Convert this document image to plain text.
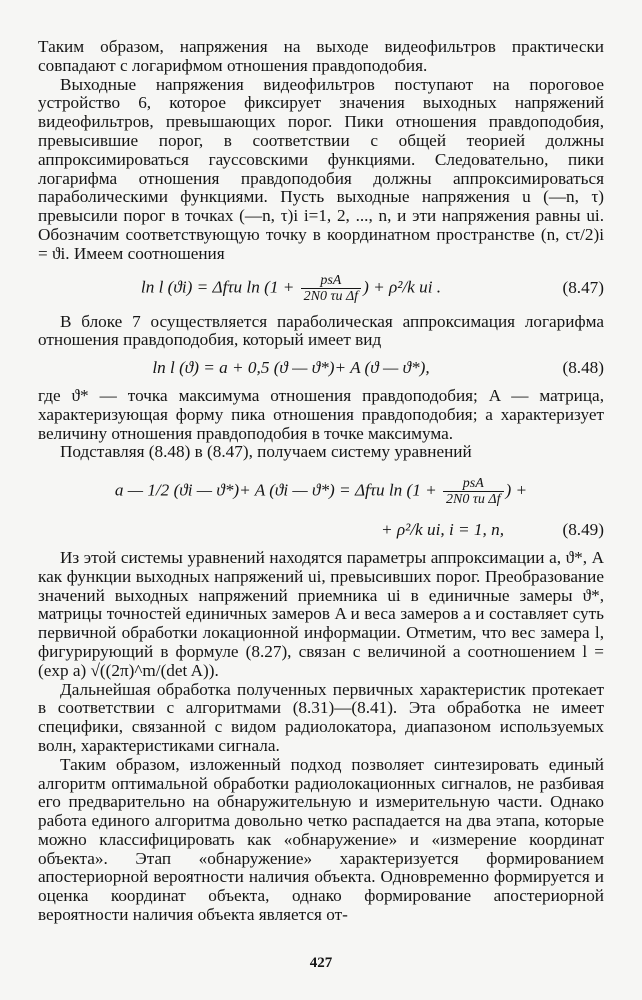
Таким образом, напряжения на выходе видеофильтров практически совпадают с логарифмом отношения правдоподобия.

Выходные напряжения видеофильтров поступают на пороговое устройство 6, которое фиксирует значения выходных напряжений видеофильтров, превышающих порог. Пики отношения правдоподобия, превысившие порог, в соответствии с общей теорией должны аппроксимироваться гауссовскими функциями. Следовательно, пики логарифма отношения правдоподобия должны аппроксимироваться параболическими функциями. Пусть выходные напряжения u (—n, τ) превысили порог в точках (—n, τ)i i=1, 2, ..., n, и эти напряжения равны ui. Обозначим соответствующую точку в координатном пространстве (n, cτ/2)i = ϑi. Имеем соотношения

ln l (ϑi) = Δfτи $\ln (1 + \frac{\text{psA}}{\text{2N0 τи Δf}}$ ) + ρ²/k ui .	(8.47)

В блоке 7 осуществляется параболическая аппроксимация логарифма отношения правдоподобия, который имеет вид

ln l (ϑ) = a + 0,5 (ϑ — ϑ*)+ A (ϑ — ϑ*),	(8.48)

где ϑ* — точка максимума отношения правдоподобия; A — матрица, характеризующая форму пика отношения правдоподобия; a характеризует величину отношения правдоподобия в точке максимума.

Подставляя (8.48) в (8.47), получаем систему уравнений

a — 1/2 (ϑi — ϑ*)+ A (ϑi — ϑ*) = Δfτи $\ln (1 + \frac{\text{psA}}{\text{2N0 τи Δf}}$ ) +
+ ρ²/k ui, i = 1, n,	(8.49)

Из этой системы уравнений находятся параметры аппроксимации a, ϑ*, A как функции выходных напряжений ui, превысивших порог. Преобразование значений выходных напряжений приемника ui в единичные замеры ϑ*, матрицы точностей единичных замеров A и веса замеров a и составляет суть первичной обработки локационной информации. Отметим, что вес замера l, фигурирующий в формуле (8.27), связан с величиной a соотношением l = (exp a) √((2π)^m/(det A)).

Дальнейшая обработка полученных первичных характеристик протекает в соответствии с алгоритмами (8.31)—(8.41). Эта обработка не имеет специфики, связанной с видом радиолокатора, диапазоном используемых волн, характеристиками сигнала.

Таким образом, изложенный подход позволяет синтезировать единый алгоритм оптимальной обработки радиолокационных сигналов, не разбивая его предварительно на обнаружительную и измерительную части. Однако работа единого алгоритма довольно четко распадается на два этапа, которые можно классифицировать как «обнаружение» и «измерение координат объекта». Этап «обнаружение» характеризуется формированием апостериорной вероятности наличия объекта. Одновременно формируется и оценка координат объекта, однако формирование апостериорной вероятности наличия объекта является от-

427
